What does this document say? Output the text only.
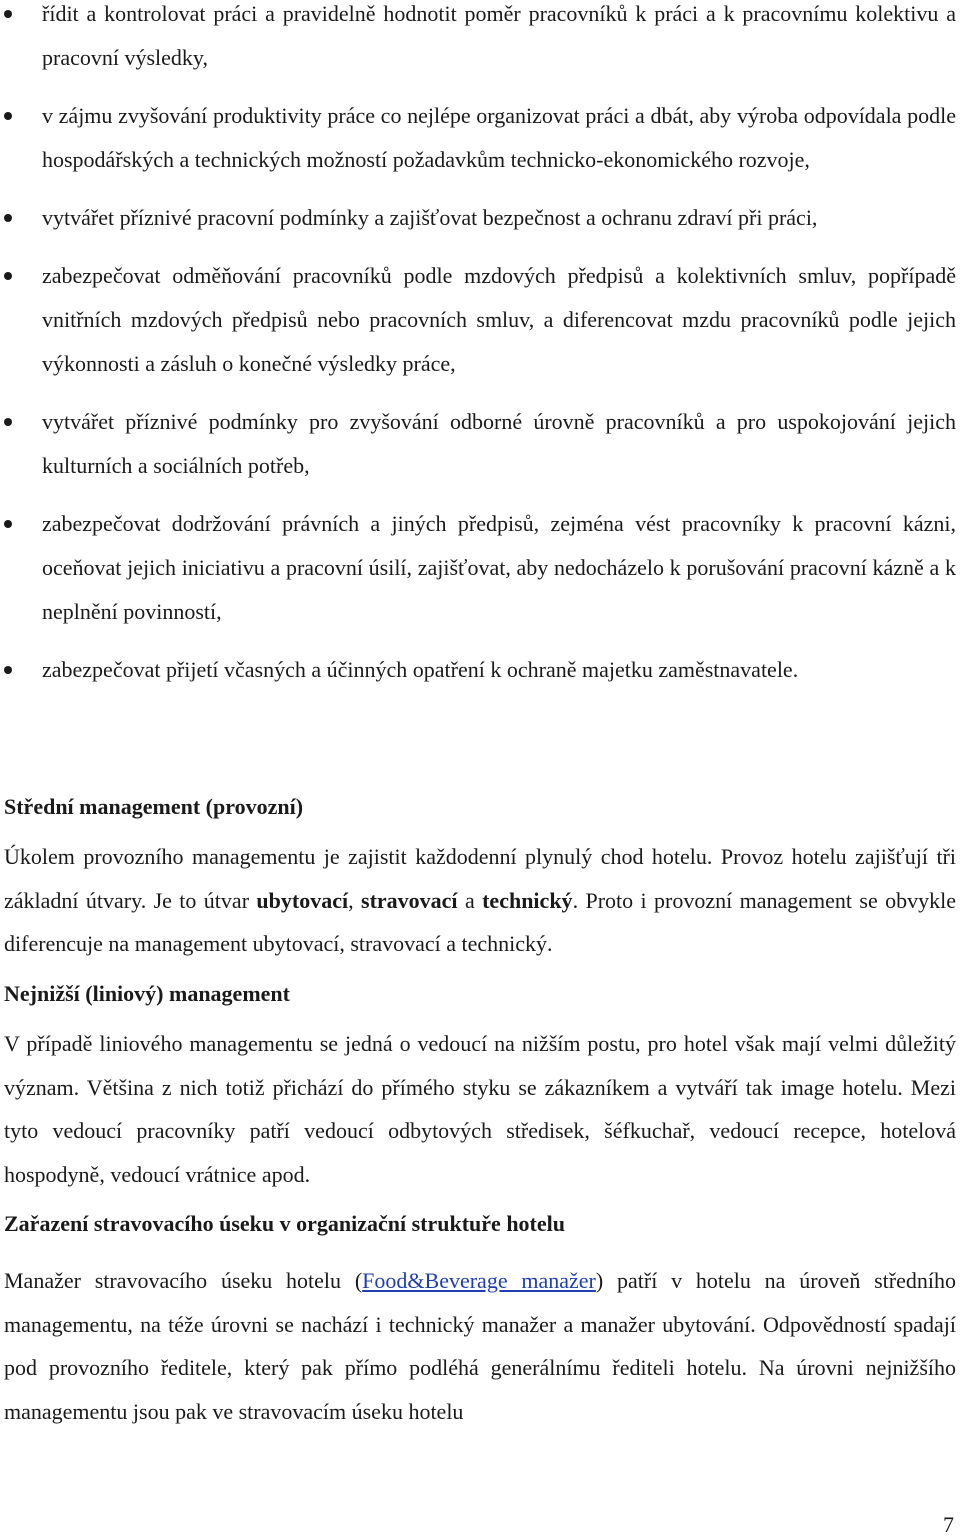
řídit a kontrolovat práci a pravidelně hodnotit poměr pracovníků k práci a k pracovnímu kolektivu a pracovní výsledky,
v zájmu zvyšování produktivity práce co nejlépe organizovat práci a dbát, aby výroba odpovídala podle hospodářských a technických možností požadavkům technicko-ekonomického rozvoje,
vytvářet příznivé pracovní podmínky a zajišťovat bezpečnost a ochranu zdraví při práci,
zabezpečovat odměňování pracovníků podle mzdových předpisů a kolektivních smluv, popřípadě vnitřních mzdových předpisů nebo pracovních smluv, a diferencovat mzdu pracovníků podle jejich výkonnosti a zásluh o konečné výsledky práce,
vytvářet příznivé podmínky pro zvyšování odborné úrovně pracovníků a pro uspokojování jejich kulturních a sociálních potřeb,
zabezpečovat dodržování právních a jiných předpisů, zejména vést pracovníky k pracovní kázni, oceňovat jejich iniciativu a pracovní úsilí, zajišťovat, aby nedocházelo k porušování pracovní kázně a k neplnění povinností,
zabezpečovat přijetí včasných a účinných opatření k ochraně majetku zaměstnavatele.
Střední management (provozní)

Úkolem provozního managementu je zajistit každodenní plynulý chod hotelu. Provoz hotelu zajišťují tři základní útvary. Je to útvar ubytovací, stravovací a technický. Proto i provozní management se obvykle diferencuje na management ubytovací, stravovací a technický.

Nejnižší (liniový) management

V případě liniového managementu se jedná o vedoucí na nižším postu, pro hotel však mají velmi důležitý význam. Většina z nich totiž přichází do přímého styku se zákazníkem a vytváří tak image hotelu. Mezi tyto vedoucí pracovníky patří vedoucí odbytových středisek, šéfkuchař, vedoucí recepce, hotelová hospodyně, vedoucí vrátnice apod.

Zařazení stravovacího úseku v organizační struktuře hotelu

Manažer stravovacího úseku hotelu (Food&Beverage manažer) patří v hotelu na úroveň středního managementu, na téže úrovni se nachází i technický manažer a manažer ubytování. Odpovědností spadají pod provozního ředitele, který pak přímo podléhá generálnímu řediteli hotelu. Na úrovni nejnižšího managementu jsou pak ve stravovacím úseku hotelu

7
